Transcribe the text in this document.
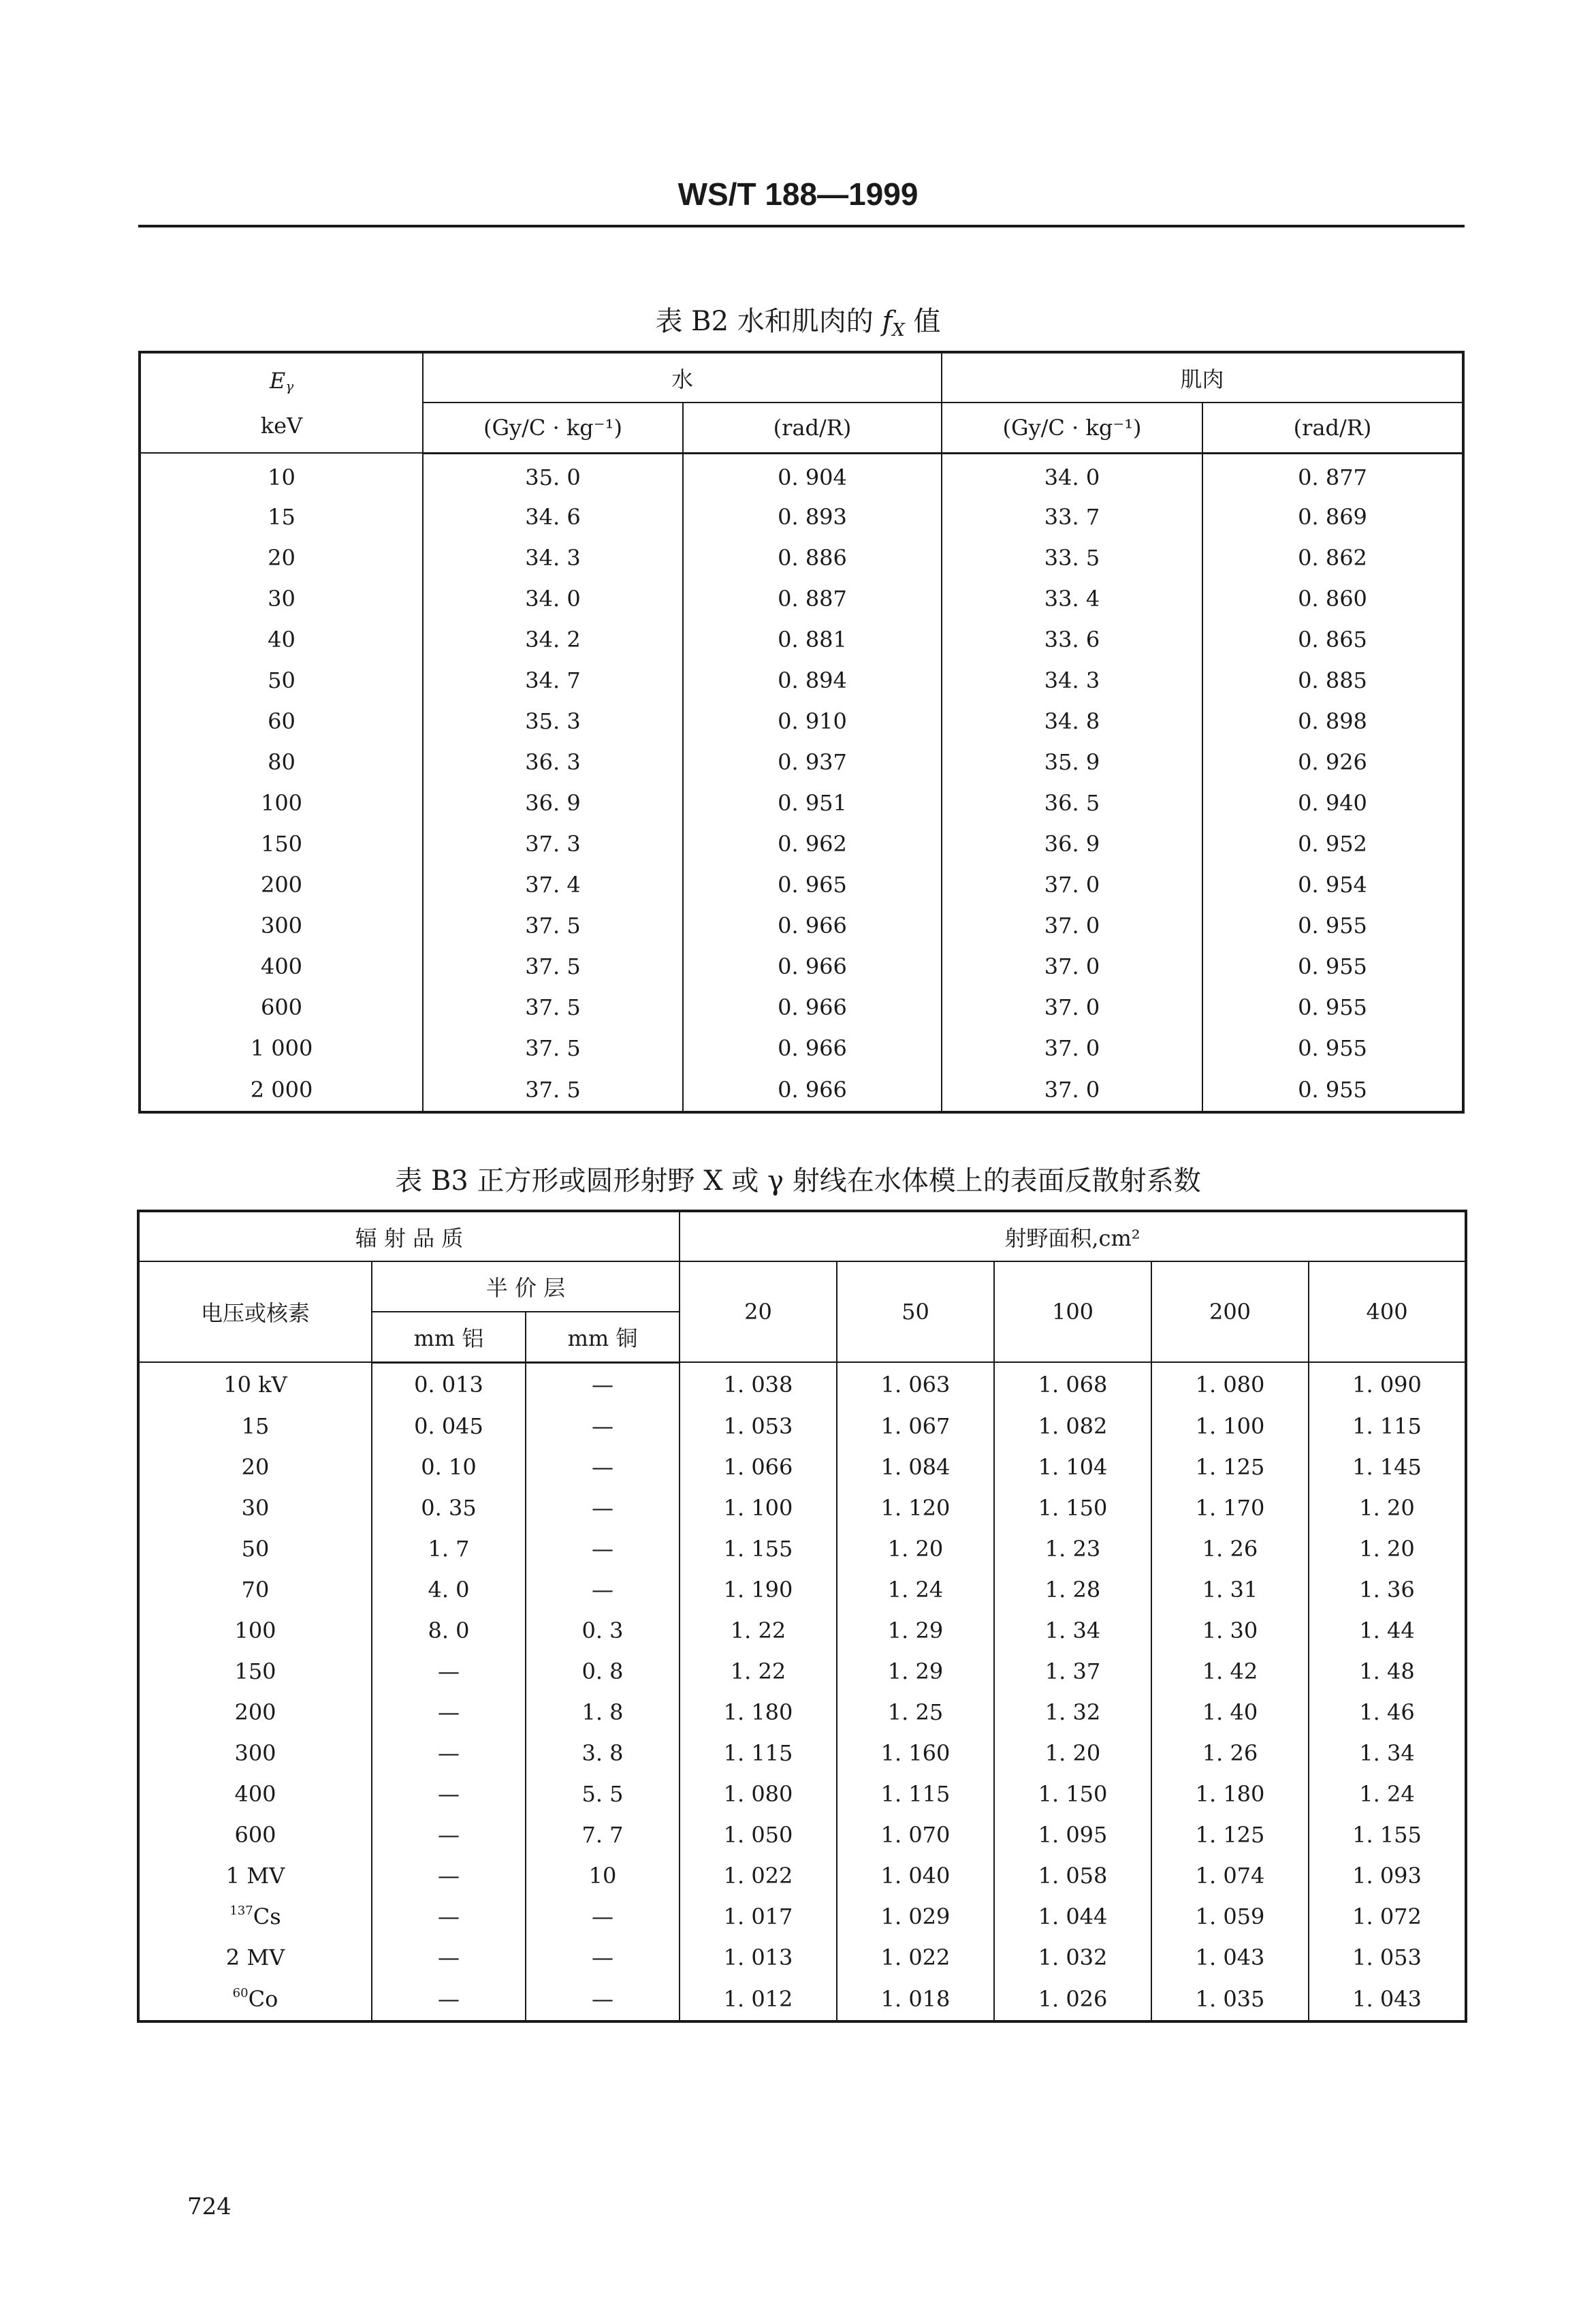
WS/T 188—1999
表 B2 水和肌肉的 $f_X$ 值
Eγ
keV	水		肌肉	
	(Gy/C · kg⁻¹)	(rad/R)	(Gy/C · kg⁻¹)	(rad/R)
10	35. 0	0. 904	34. 0	0. 877
15	34. 6	0. 893	33. 7	0. 869
20	34. 3	0. 886	33. 5	0. 862
30	34. 0	0. 887	33. 4	0. 860
40	34. 2	0. 881	33. 6	0. 865
50	34. 7	0. 894	34. 3	0. 885
60	35. 3	0. 910	34. 8	0. 898
80	36. 3	0. 937	35. 9	0. 926
100	36. 9	0. 951	36. 5	0. 940
150	37. 3	0. 962	36. 9	0. 952
200	37. 4	0. 965	37. 0	0. 954
300	37. 5	0. 966	37. 0	0. 955
400	37. 5	0. 966	37. 0	0. 955
600	37. 5	0. 966	37. 0	0. 955
1 000	37. 5	0. 966	37. 0	0. 955
2 000	37. 5	0. 966	37. 0	0. 955
表 B3 正方形或圆形射野 X 或 γ 射线在水体模上的表面反散射系数
辐 射 品 质			射野面积,cm²				
电压或核素	半 价 层		20	50	100	200	400
	mm 铝	mm 铜					
10 kV	0. 013	—	1. 038	1. 063	1. 068	1. 080	1. 090
15	0. 045	—	1. 053	1. 067	1. 082	1. 100	1. 115
20	0. 10	—	1. 066	1. 084	1. 104	1. 125	1. 145
30	0. 35	—	1. 100	1. 120	1. 150	1. 170	1. 20
50	1. 7	—	1. 155	1. 20	1. 23	1. 26	1. 20
70	4. 0	—	1. 190	1. 24	1. 28	1. 31	1. 36
100	8. 0	0. 3	1. 22	1. 29	1. 34	1. 30	1. 44
150	—	0. 8	1. 22	1. 29	1. 37	1. 42	1. 48
200	—	1. 8	1. 180	1. 25	1. 32	1. 40	1. 46
300	—	3. 8	1. 115	1. 160	1. 20	1. 26	1. 34
400	—	5. 5	1. 080	1. 115	1. 150	1. 180	1. 24
600	—	7. 7	1. 050	1. 070	1. 095	1. 125	1. 155
1 MV	—	10	1. 022	1. 040	1. 058	1. 074	1. 093
$^{137}$Cs	—	—	1. 017	1. 029	1. 044	1. 059	1. 072
2 MV	—	—	1. 013	1. 022	1. 032	1. 043	1. 053
$^{60}$Co	—	—	1. 012	1. 018	1. 026	1. 035	1. 043
724
